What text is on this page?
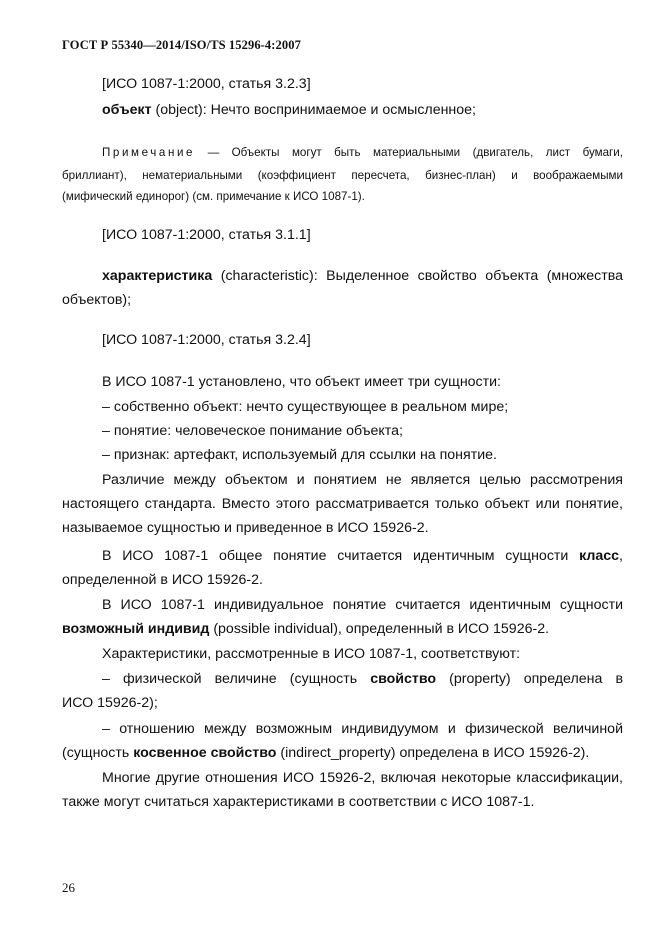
ГОСТ Р 55340—2014/ISO/TS 15296-4:2007
[ИСО 1087-1:2000, статья 3.2.3]
объект (object): Нечто воспринимаемое и осмысленное;
Примечание — Объекты могут быть материальными (двигатель, лист бумаги,
бриллиант), нематериальными (коэффициент пересчета, бизнес-план) и воображаемыми
(мифический единорог) (см. примечание к ИСО 1087-1).
[ИСО 1087-1:2000, статья 3.1.1]
характеристика (characteristic): Выделенное свойство объекта (множества
объектов);
[ИСО 1087-1:2000, статья 3.2.4]
В ИСО 1087-1 установлено, что объект имеет три сущности:
– собственно объект: нечто существующее в реальном мире;
– понятие: человеческое понимание объекта;
– признак: артефакт, используемый для ссылки на понятие.
Различие между объектом и понятием не является целью рассмотрения
настоящего стандарта. Вместо этого рассматривается только объект или понятие,
называемое сущностью и приведенное в ИСО 15926-2.
В ИСО 1087-1 общее понятие считается идентичным сущности класс,
определенной в ИСО 15926-2.
В ИСО 1087-1 индивидуальное понятие считается идентичным сущности
возможный индивид (possible individual), определенный в ИСО 15926-2.
Характеристики, рассмотренные в ИСО 1087-1, соответствуют:
– физической величине (сущность свойство (property) определена в
ИСО 15926-2);
– отношению между возможным индивидуумом и физической величиной
(сущность косвенное свойство (indirect_property) определена в ИСО 15926-2).
Многие другие отношения ИСО 15926-2, включая некоторые классификации,
также могут считаться характеристиками в соответствии с ИСО 1087-1.
26
